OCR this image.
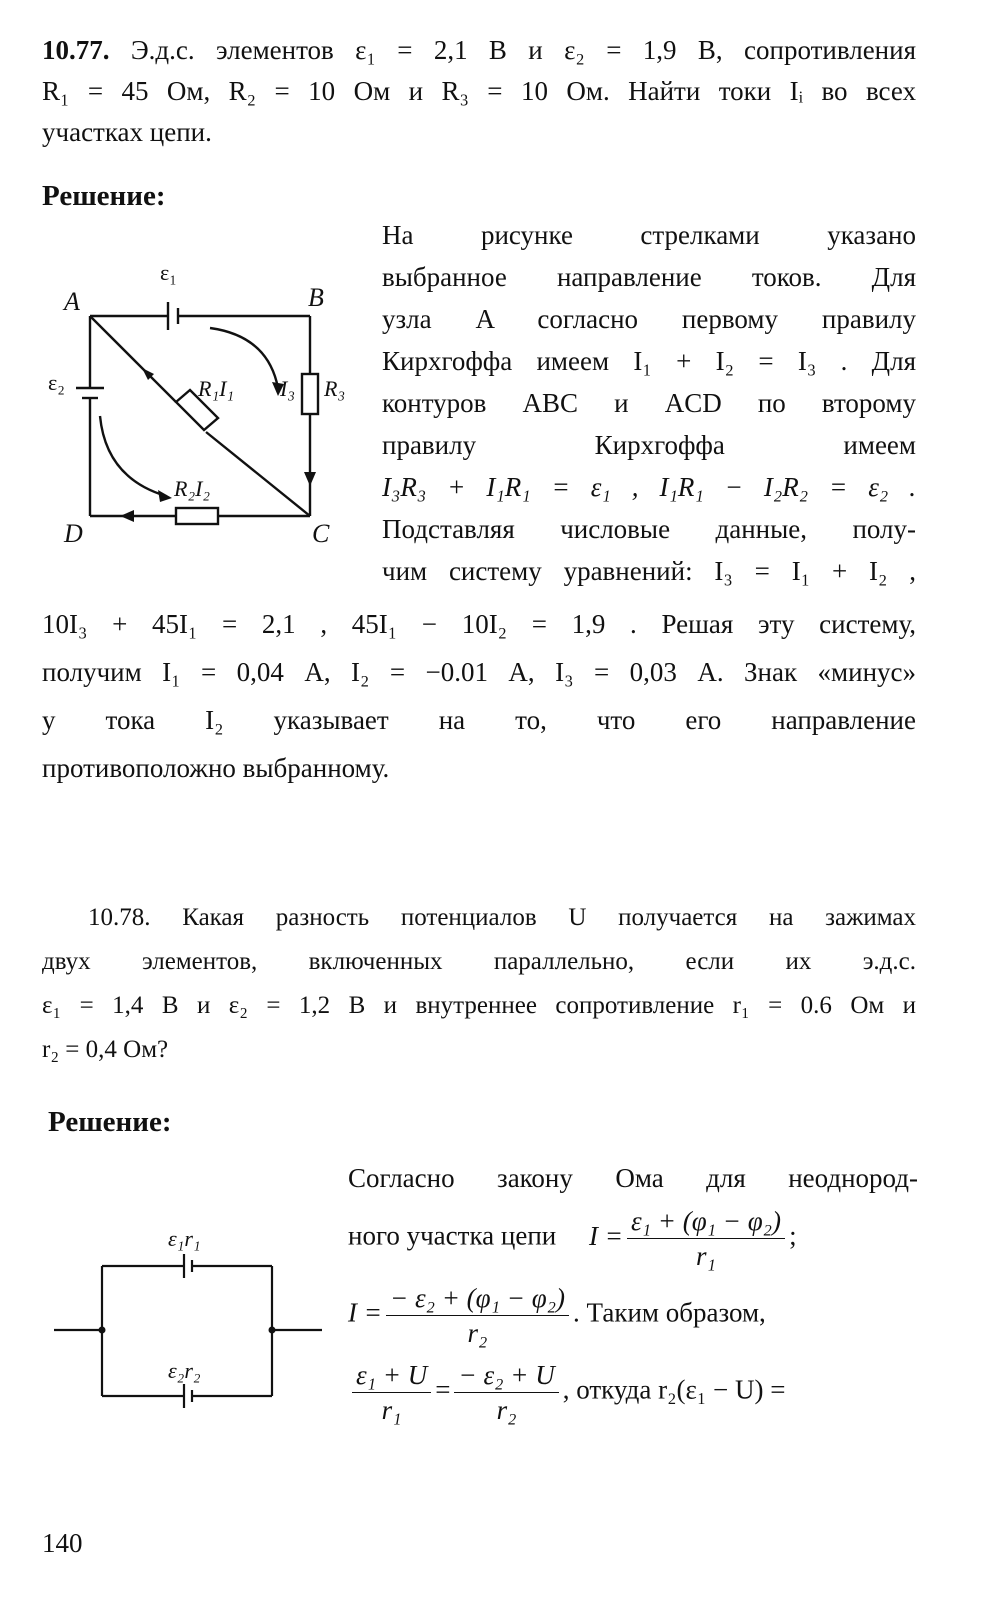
10.77. Э.д.с. элементов ε₁ = 2,1 В и ε₂ = 1,9 В, сопротивления

R₁ = 45 Ом, R₂ = 10 Ом и R₃ = 10 Ом. Найти токи Iᵢ во всех

участках цепи.
Решение:
A	B
C
D
ε₁
ε₂	R₁I₁ I₃ R₃
R₂I₂
На рисунке стрелками указано
выбранное направление токов. Для
узла A согласно первому правилу
Кирхгоффа имеем I₁ + I₂ = I₃ . Для
контуров ABC и ACD по второму
правилу Кирхгоффа имеем
I₃R₃ + I₁R₁ = ε₁ , I₁R₁ − I₂R₂ = ε₂ .
Подставляя числовые данные, полу-
чим систему уравнений: I₃ = I₁ + I₂ ,
10I₃ + 45I₁ = 2,1 , 45I₁ − 10I₂ = 1,9 . Решая эту систему,
получим I₁ = 0,04 А, I₂ = −0.01 А, I₃ = 0,03 А. Знак «минус»
у тока I₂ указывает на то, что его направление
противоположно выбранному.
10.78. Какая разность потенциалов U получается на зажимах
двух элементов, включенных параллельно, если их э.д.с.
ε₁ = 1,4 В и ε₂ = 1,2 В и внутреннее сопротивление r₁ = 0.6 Ом и
r₂ = 0,4 Ом?
Решение:
ε₁r₁
ε₂r₂
Согласно закону Ома для неоднород-
ного участка цепи $I = \frac{\text{ε₁ + (φ₁ − φ₂)}}{\text{r₁}}$ ;
$I = \frac{\text{− ε₂ + (φ₁ − φ₂)}}{\text{r₂}}$ . Таким образом,
$\frac{\text{ε₁ + U}}{\text{r₁}} = \frac{\text{− ε₂ + U}}{\text{r₂}}$ , откуда r₂(ε₁ − U) =
140
